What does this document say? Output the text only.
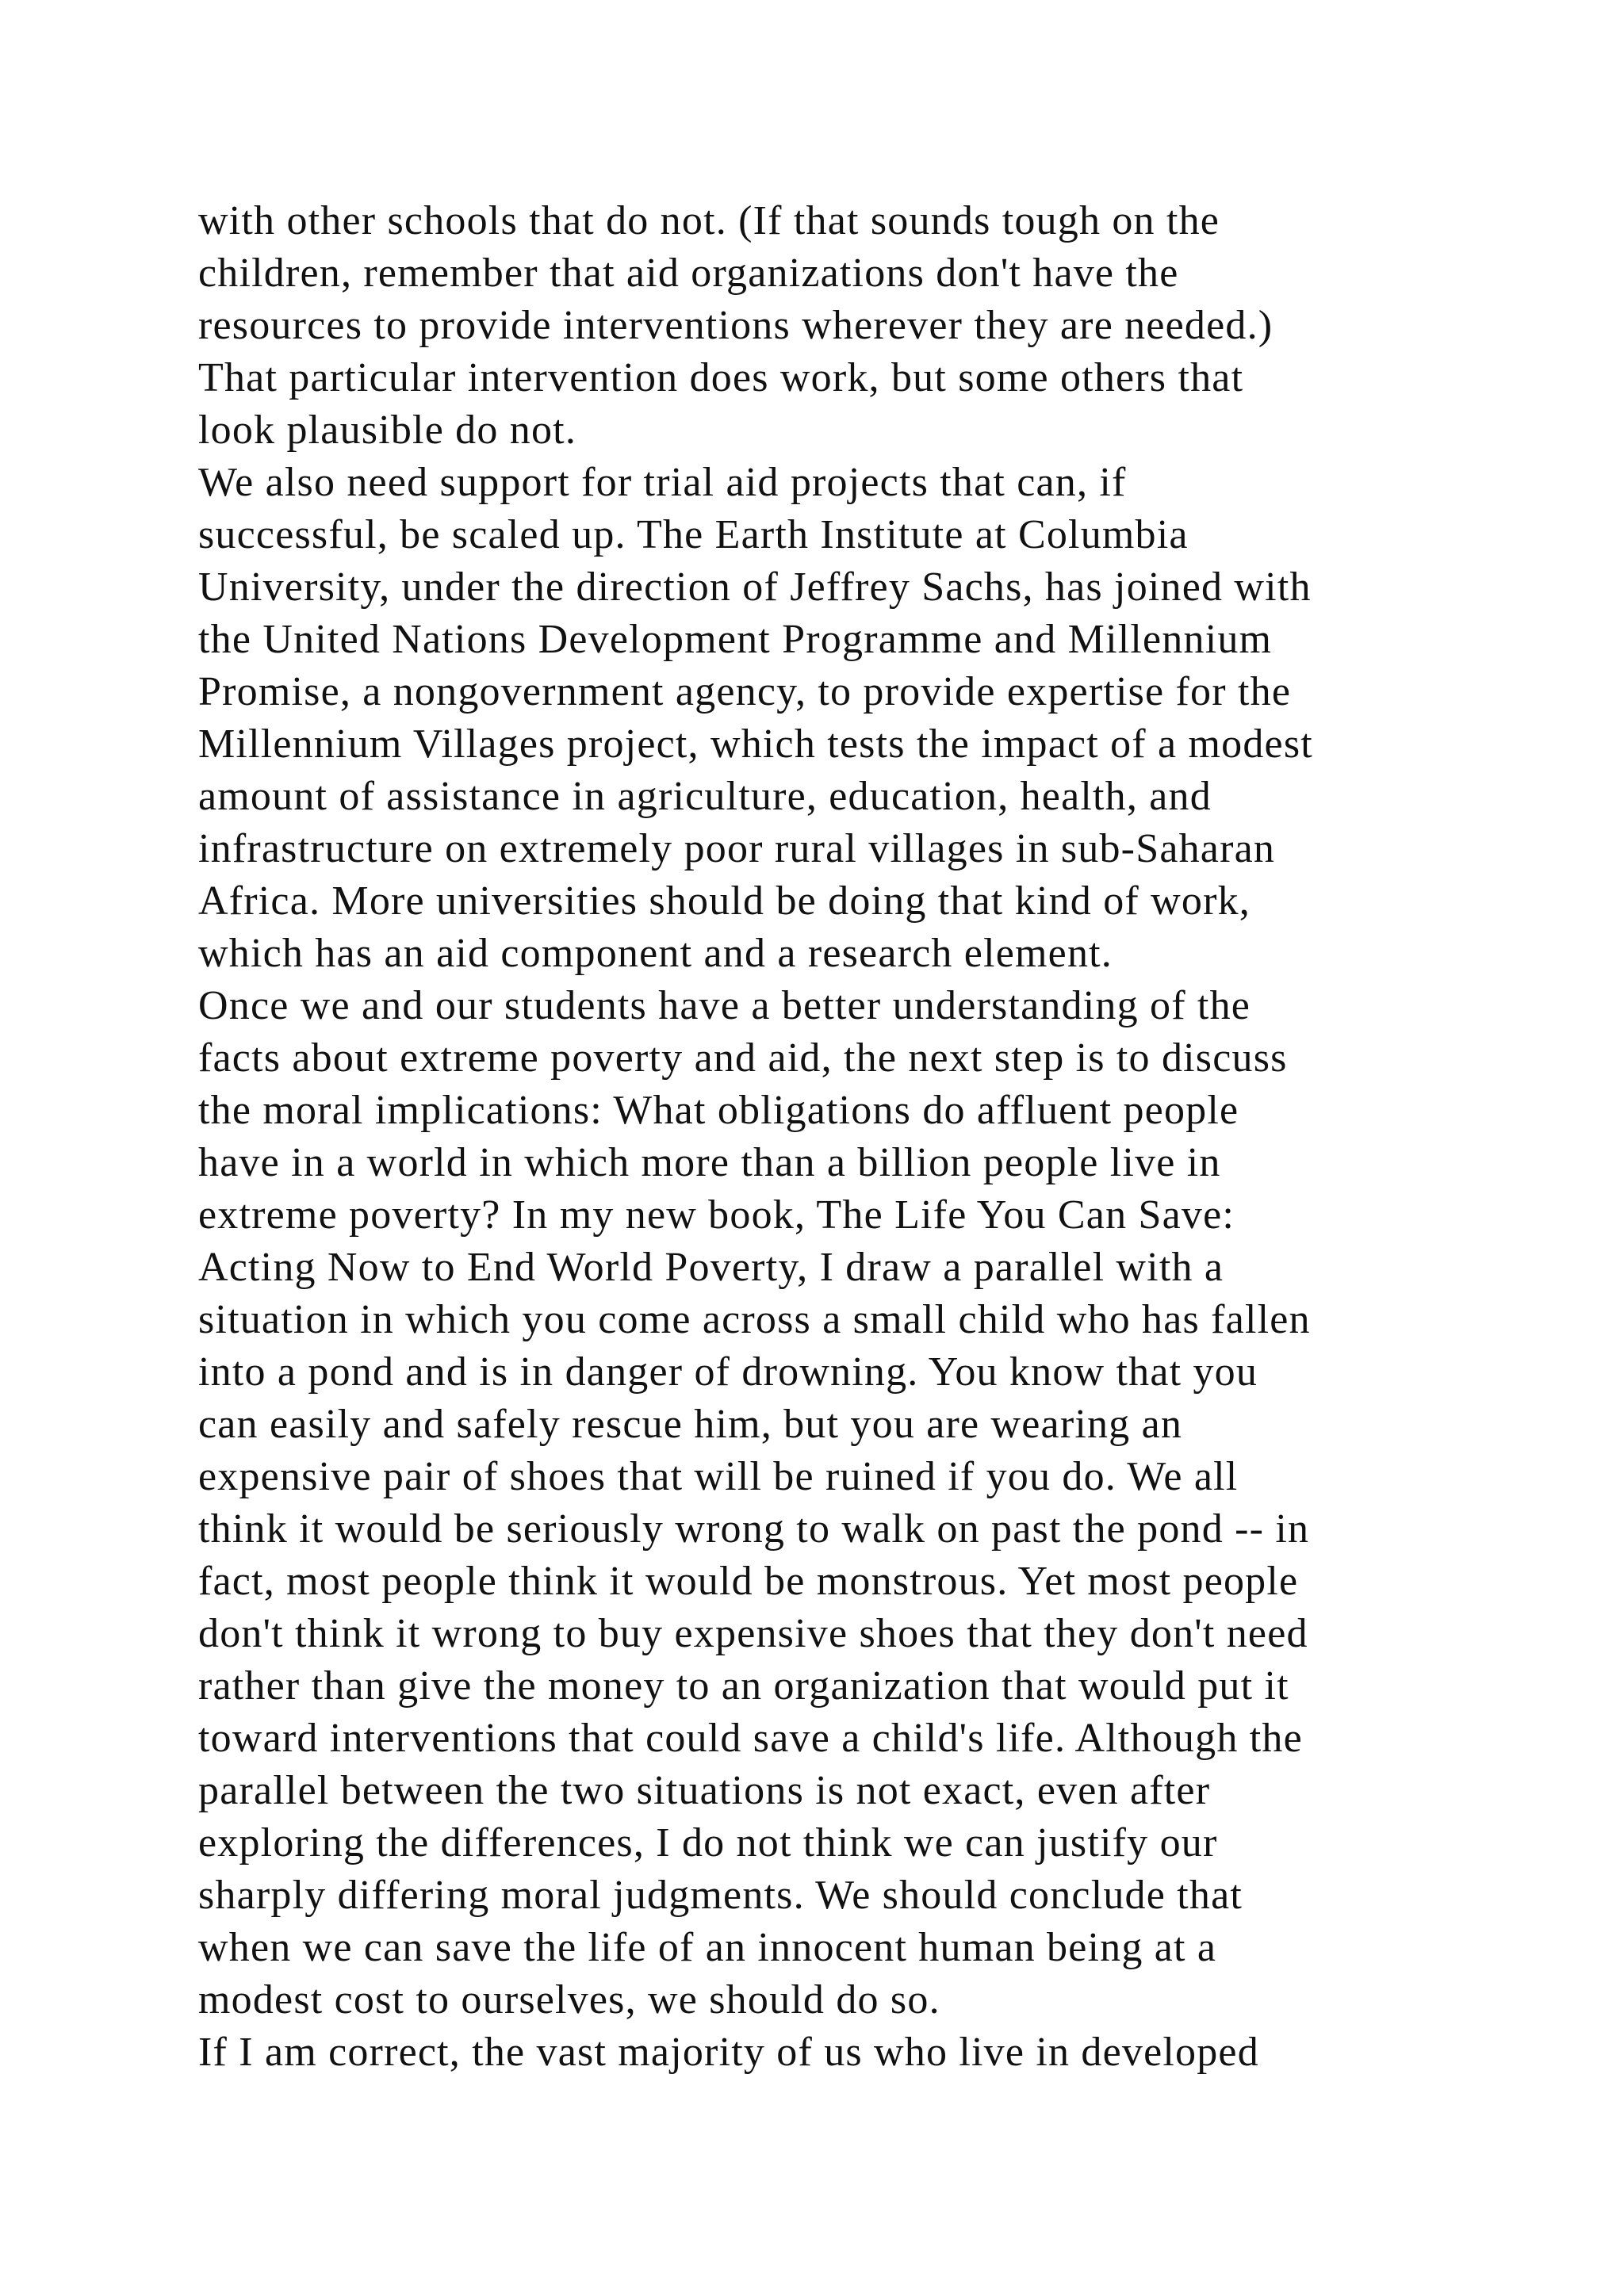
with other schools that do not. (If that sounds tough on the
children, remember that aid organizations don't have the
resources to provide interventions wherever they are needed.)
That particular intervention does work, but some others that
look plausible do not.
We also need support for trial aid projects that can, if
successful, be scaled up. The Earth Institute at Columbia
University, under the direction of Jeffrey Sachs, has joined with
the United Nations Development Programme and Millennium
Promise, a nongovernment agency, to provide expertise for the
Millennium Villages project, which tests the impact of a modest
amount of assistance in agriculture, education, health, and
infrastructure on extremely poor rural villages in sub-Saharan
Africa. More universities should be doing that kind of work,
which has an aid component and a research element.
Once we and our students have a better understanding of the
facts about extreme poverty and aid, the next step is to discuss
the moral implications: What obligations do affluent people
have in a world in which more than a billion people live in
extreme poverty? In my new book, The Life You Can Save:
Acting Now to End World Poverty, I draw a parallel with a
situation in which you come across a small child who has fallen
into a pond and is in danger of drowning. You know that you
can easily and safely rescue him, but you are wearing an
expensive pair of shoes that will be ruined if you do. We all
think it would be seriously wrong to walk on past the pond -- in
fact, most people think it would be monstrous. Yet most people
don't think it wrong to buy expensive shoes that they don't need
rather than give the money to an organization that would put it
toward interventions that could save a child's life. Although the
parallel between the two situations is not exact, even after
exploring the differences, I do not think we can justify our
sharply differing moral judgments. We should conclude that
when we can save the life of an innocent human being at a
modest cost to ourselves, we should do so.
If I am correct, the vast majority of us who live in developed
